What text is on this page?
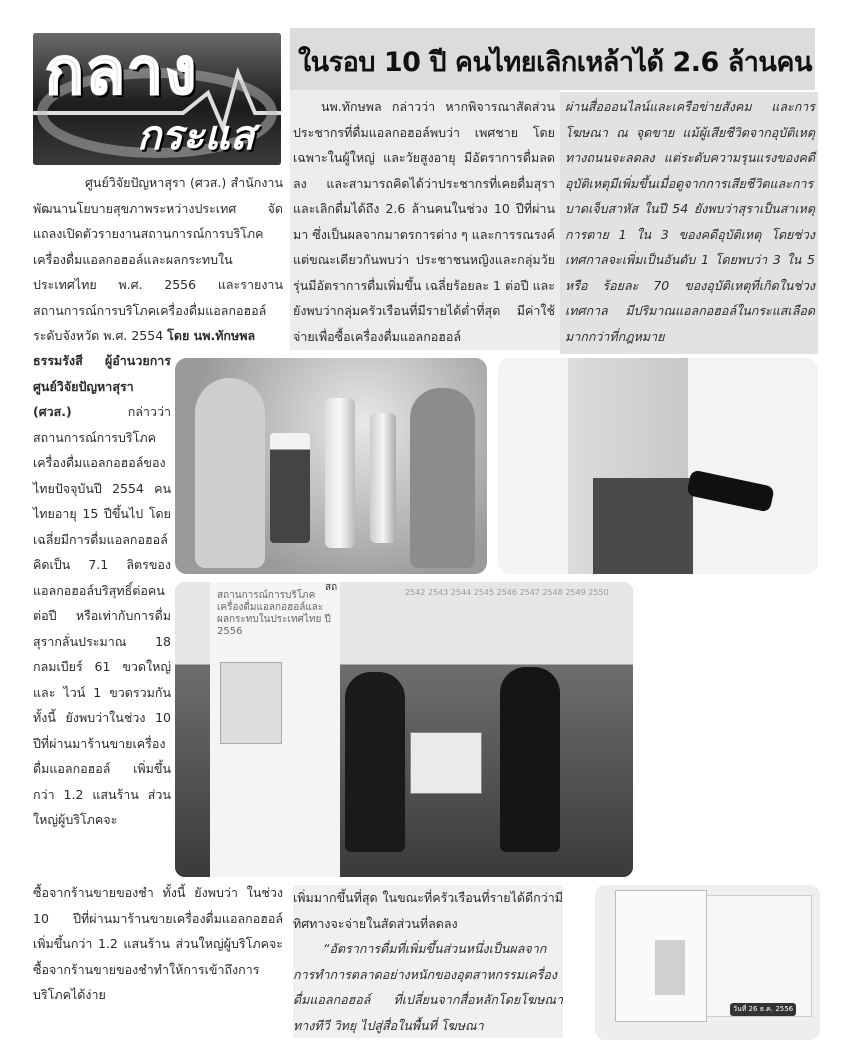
กลาง
กระแส
ในรอบ 10 ปี คนไทยเลิกเหล้าได้ 2.6 ล้านคน
ศูนย์วิจัยปัญหาสุรา (ศวส.) สำนักงานพัฒนานโยบายสุขภาพระหว่างประเทศ จัดแถลงเปิดตัวรายงานสถานการณ์การบริโภคเครื่องดื่มแอลกอฮอล์และผลกระทบในประเทศไทย พ.ศ. 2556 และรายงานสถานการณ์การบริโภคเครื่องดื่มแอลกอฮอล์ระดับจังหวัด พ.ศ. 2554 โดย นพ.ทักษพล
ธรรมรังสี ผู้อำนวยการศูนย์วิจัยปัญหาสุรา (ศวส.)	กล่าวว่า สถานการณ์การบริโภคเครื่องดื่มแอลกอฮอล์ของไทยปัจจุบันปี 2554 คนไทยอายุ 15 ปีขึ้นไป โดยเฉลี่ยมีการดื่มแอลกอฮอล์คิดเป็น 7.1 ลิตรของแอลกอฮอล์บริสุทธิ์ต่อคนต่อปี หรือเท่ากับการดื่มสุรากลั่นประมาณ 18 กลมเบียร์ 61 ขวดใหญ่ และ ไวน์ 1 ขวดรวมกัน ทั้งนี้ ยังพบว่าในช่วง 10 ปีที่ผ่านมาร้านขายเครื่องดื่มแอลกอฮอล์ เพิ่มขึ้นกว่า 1.2 แสนร้าน ส่วนใหญ่ผู้บริโภคจะ
ซื้อจากร้านขายของชำ ทั้งนี้ ยังพบว่า ในช่วง 10 ปีที่ผ่านมาร้านขายเครื่องดื่มแอลกอฮอล์ เพิ่มขึ้นกว่า 1.2 แสนร้าน ส่วนใหญ่ผู้บริโภคจะซื้อจากร้านขายของชำทำให้การเข้าถึงการบริโภคได้ง่าย
นพ.ทักษพล กล่าวว่า หากพิจารณาสัดส่วนประชากรที่ดื่มแอลกอฮอล์พบว่า เพศชาย โดยเฉพาะในผู้ใหญ่ และวัยสูงอายุ มีอัตราการดื่มลดลง และสามารถคิดได้ว่าประชากรที่เคยดื่มสุราและเลิกดื่มได้ถึง 2.6 ล้านคนในช่วง 10 ปีที่ผ่านมา ซึ่งเป็นผลจากมาตรการต่าง ๆ และการรณรงค์ แต่ขณะเดียวกันพบว่า ประชาชนหญิงและกลุ่มวัยรุ่นมีอัตราการดื่มเพิ่มขึ้น เฉลี่ยร้อยละ 1 ต่อปี และยังพบว่ากลุ่มครัวเรือนที่มีรายได้ต่ำที่สุด มีค่าใช้จ่ายเพื่อซื้อเครื่องดื่มแอลกอฮอล์
ผ่านสื่อออนไลน์และเครือข่ายสังคม และการโฆษณา ณ จุดขาย แม้ผู้เสียชีวิตจากอุบัติเหตุทางถนนจะลดลง แต่ระดับความรุนแรงของคดีอุบัติเหตุมีเพิ่มขึ้นเมื่อดูจากการเสียชีวิตและการบาดเจ็บสาหัส ในปี 54 ยังพบว่าสุราเป็นสาเหตุการตาย 1 ใน 3 ของคดีอุบัติเหตุ โดยช่วงเทศกาลจะเพิ่มเป็นอันดับ 1 โดยพบว่า 3 ใน 5 หรือ ร้อยละ 70 ของอุบัติเหตุที่เกิดในช่วงเทศกาล มีปริมาณแอลกอฮอล์ในกระแสเลือดมากกว่าที่กฎหมาย
สถานการณ์การบริโภคเครื่องดื่มแอลกอฮอล์และผลกระทบในประเทศไทย ปี 2556
2542 2543 2544 2545 2546 2547 2548 2549 2550
สถ

เพิ่มมากขึ้นที่สุด ในขณะที่ครัวเรือนที่รายได้ดีกว่ามีทิศทางจะจ่ายในสัดส่วนที่ลดลง

“อัตราการดื่มที่เพิ่มขึ้นส่วนหนึ่งเป็นผลจากการทำการตลาดอย่างหนักของอุตสาหกรรมเครื่องดื่มแอลกอฮอล์ ที่เปลี่ยนจากสื่อหลักโดยโฆษณาทางทีวี วิทยุ ไปสู่สื่อในพื้นที่ โฆษณา

วันที่ 26 ธ.ค. 2556
